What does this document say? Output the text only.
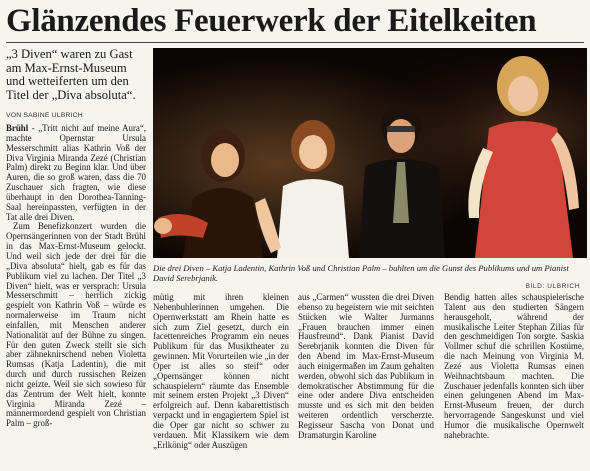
Glänzendes Feuerwerk der Eitelkeiten
„3 Diven“ waren zu Gast am Max-Ernst-Museum und wetteiferten um den Titel der „Diva absoluta“.
VON SABINE ULBRICH

Brühl - „Tritt nicht auf meine Aura“, machte Opernstar Ursula Messerschmitt alias Kathrin Voß der Diva Virginia Miranda Zezé (Christian Palm) direkt zu Beginn klar. Und über Auren, die so groß waren, dass die 70 Zuschauer sich fragten, wie diese überhaupt in den Dorothea-Tanning-Saal hereinpassten, verfügten in der Tat alle drei Diven.

Zum Benefizkonzert wurden die Opernsängerinnen von der Stadt Brühl in das Max-Ernst-Museum gelockt. Und weil sich jede der drei für die „Diva absoluta“ hielt, gab es für das Publikum viel zu lachen. Der Titel „3 Diven“ hielt, was er versprach: Ursula Messerschmitt – herrlich zickig gespielt von Kathrin Voß – würde es normalerweise im Traum nicht einfallen, mit Menschen anderer Nationalität auf der Bühne zu singen. Für den guten Zweck stellt sie sich aber zähneknirschend neben Violetta Rumsas (Katja Ladentin), die mit durch und durch russischen Reizen nicht geizte. Weil sie sich sowieso für das Zentrum der Welt hielt, konnte Virginia Miranda Zezé – männermordend gespielt von Christian Palm – groß-

Die drei Diven – Katja Ladentin, Kathrin Voß und Christian Palm – buhlten um die Gunst des Publikums und um Pianist David Serebrjanik.
BILD: ULBRICH

mütig mit ihren kleinen Nebenbuhlerinnen umgehen. Die Opernwerkstatt am Rhein hatte es sich zum Ziel gesetzt, durch ein facettenreiches Programm ein neues Publikum für das Musiktheater zu gewinnen. Mit Vorurteilen wie „in der Oper ist alles so steif“ oder „Opernsänger können nicht schauspielern“ räumte das Ensemble mit seinem ersten Projekt „3 Diven“ erfolgreich auf. Denn kabarettistisch verpackt und in engagiertem Spiel ist die Oper gar nicht so schwer zu verdauen. Mit Klassikern wie dem „Erlkönig“ oder Auszügen

aus „Carmen“ wussten die drei Diven ebenso zu begeistern wie mit seichten Stücken wie Walter Jurmanns „Frauen brauchen immer einen Hausfreund“. Dank Pianist David Serebrjanik konnten die Diven für den Abend im Max-Ernst-Museum auch einigermaßen im Zaum gehalten werden, obwohl sich das Publikum in demokratischer Abstimmung für die eine oder andere Diva entscheiden musste und es sich mit den beiden weiteren ordentlich verscherzte. Regisseur Sascha von Donat und Dramaturgin Karoline

Bendig hatten alles schauspielerische Talent aus den studierten Sängern herausgeholt, während der musikalische Leiter Stephan Zilias für den geschmeidigen Ton sorgte. Saskia Vollmer schuf die schrillen Kostüme, die nach Meinung von Virginia M. Zezé aus Violetta Rumsas einen Weihnachtsbaum machten. Die Zuschauer jedenfalls konnten sich über einen gelungenen Abend im Max-Ernst-Museum freuen, der durch hervorragende Sangeskunst und viel Humor die musikalische Opernwelt nahebrachte.
